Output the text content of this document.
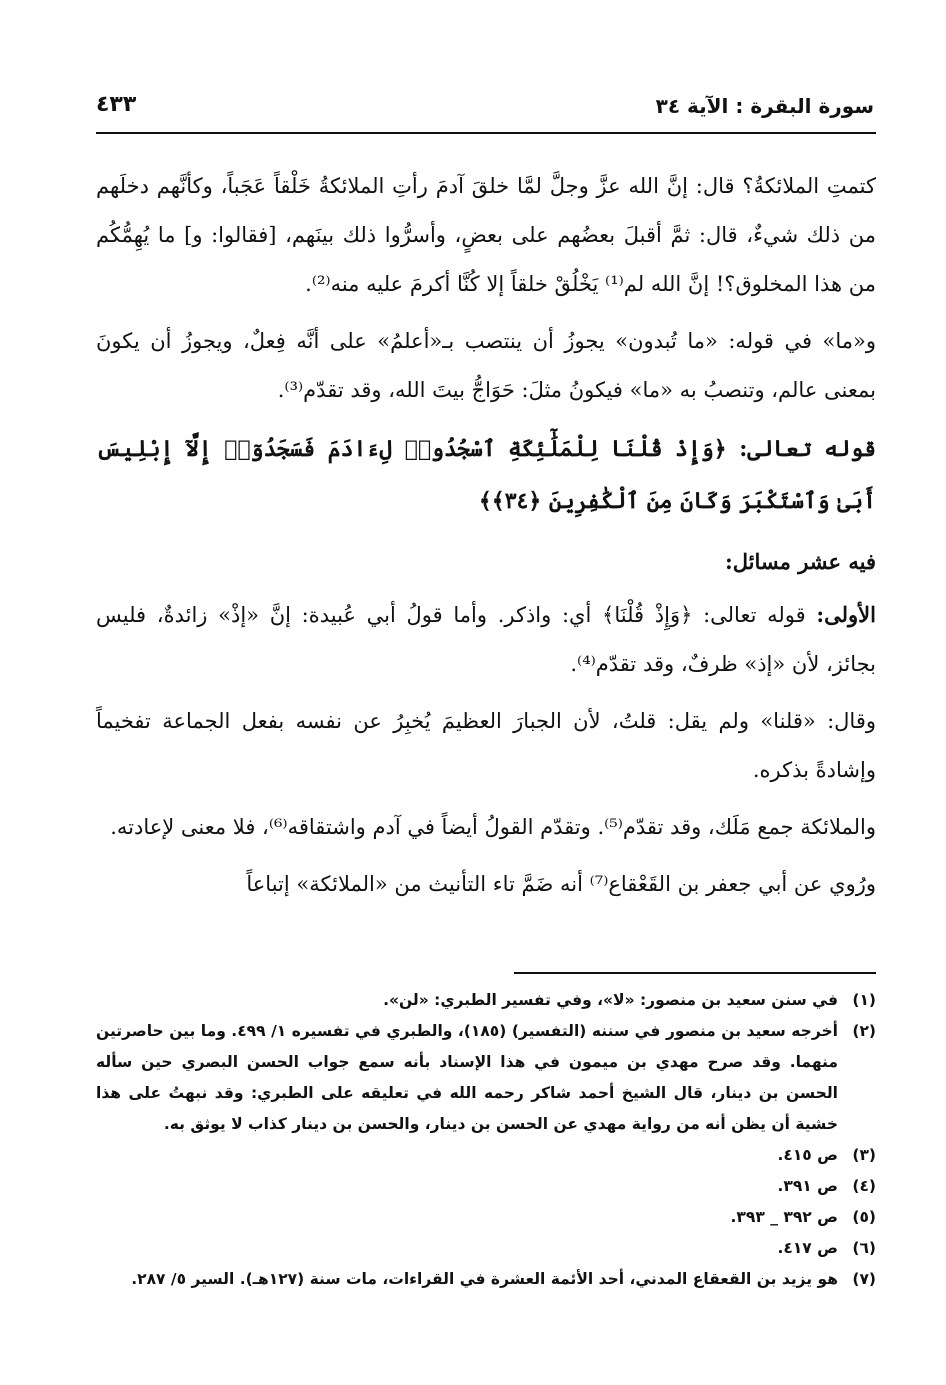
سورة البقرة : الآية ٣٤
٤٣٣

كتمتِ الملائكةُ؟ قال: إنَّ الله عزَّ وجلَّ لمَّا خلقَ آدمَ رأتِ الملائكةُ خَلْقاً عَجَباً، وكأنَّهم دخلَهم من ذلك شيءٌ، قال: ثمَّ أقبلَ بعضُهم على بعضٍ، وأسرُّوا ذلك بينَهم، [فقالوا: و] ما يُهِمُّكُم من هذا المخلوق؟! إنَّ الله لم⁽¹⁾ يَخْلُقْ خلقاً إلا كُنَّا أكرمَ عليه منه⁽²⁾.

و«ما» في قوله: «ما تُبدون» يجوزُ أن ينتصب بـ«أعلمُ» على أنَّه فِعلٌ، ويجوزُ أن يكونَ بمعنى عالم، وتنصبُ به «ما» فيكونُ مثلَ: حَوَاجُّ بيتَ الله، وقد تقدّم⁽³⁾.

قوله تعالى: ﴿وَإِذْ قُلْنَا لِلْمَلَٰٓئِكَةِ ٱسْجُدُوا۟ لِءَادَمَ فَسَجَدُوٓا۟ إِلَّآ إِبْلِيسَ أَبَىٰ وَٱسْتَكْبَرَ وَكَانَ مِنَ ٱلْكَٰفِرِينَ ﴿٣٤﴾﴾

فيه عشر مسائل:

الأولى: قوله تعالى: ﴿وَإِذْ قُلْنَا﴾ أي: واذكر. وأما قولُ أبي عُبيدة: إنَّ «إذْ» زائدةٌ، فليس بجائز، لأن «إذ» ظرفٌ، وقد تقدّم⁽⁴⁾.

وقال: «قلنا» ولم يقل: قلتُ، لأن الجبارَ العظيمَ يُخبِرُ عن نفسه بفعل الجماعة تفخيماً وإشادةً بذكره.

والملائكة جمع مَلَك، وقد تقدّم⁽⁵⁾. وتقدّم القولُ أيضاً في آدم واشتقاقه⁽⁶⁾، فلا معنى لإعادته.

ورُوي عن أبي جعفر بن القَعْقاع⁽⁷⁾ أنه ضَمَّ تاء التأنيث من «الملائكة» إتباعاً

(١)
في سنن سعيد بن منصور: «لا»، وفي تفسير الطبري: «لن».
(٢)
أخرجه سعيد بن منصور في سننه (التفسير) (١٨٥)، والطبري في تفسيره ١/ ٤٩٩. وما بين حاصرتين منهما. وقد صرح مهدي بن ميمون في هذا الإسناد بأنه سمع جواب الحسن البصري حين سأله الحسن بن دينار، قال الشيخ أحمد شاكر رحمه الله في تعليقه على الطبري: وقد نبهتُ على هذا خشية أن يظن أنه من رواية مهدي عن الحسن بن دينار، والحسن بن دينار كذاب لا يوثق به.
(٣)
ص ٤١٥.
(٤)
ص ٣٩١.
(٥)
ص ٣٩٢ _ ٣٩٣.
(٦)
ص ٤١٧.
(٧)
هو يزيد بن القعقاع المدني، أحد الأئمة العشرة في القراءات، مات سنة (١٢٧هـ). السير ٥/ ٢٨٧.
